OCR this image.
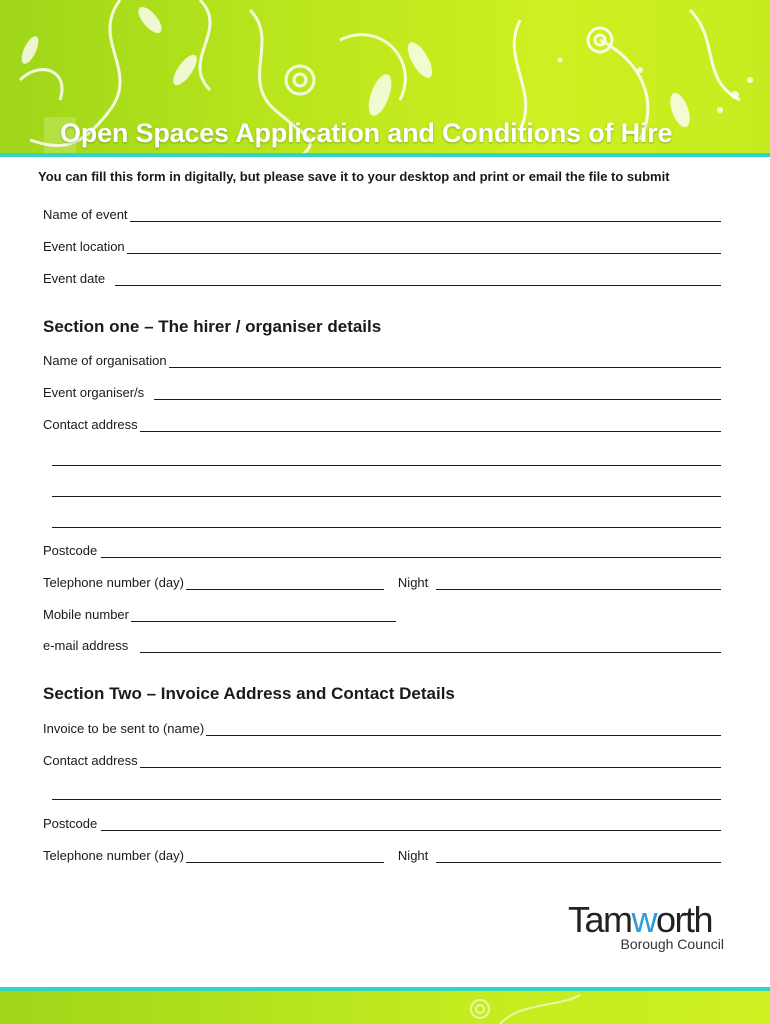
Open Spaces Application and Conditions of Hire
You can fill this form in digitally, but please save it to your desktop and print or email the file to submit
Name of event
Event location
Event date
Section one – The hirer / organiser details
Name of organisation
Event organiser/s
Contact address
Postcode
Telephone number (day)	Night
Mobile number
e-mail address
Section Two – Invoice Address and Contact Details
Invoice to be sent to (name)
Contact address
Postcode
Telephone number (day)	Night
Tamworth
Borough Council
